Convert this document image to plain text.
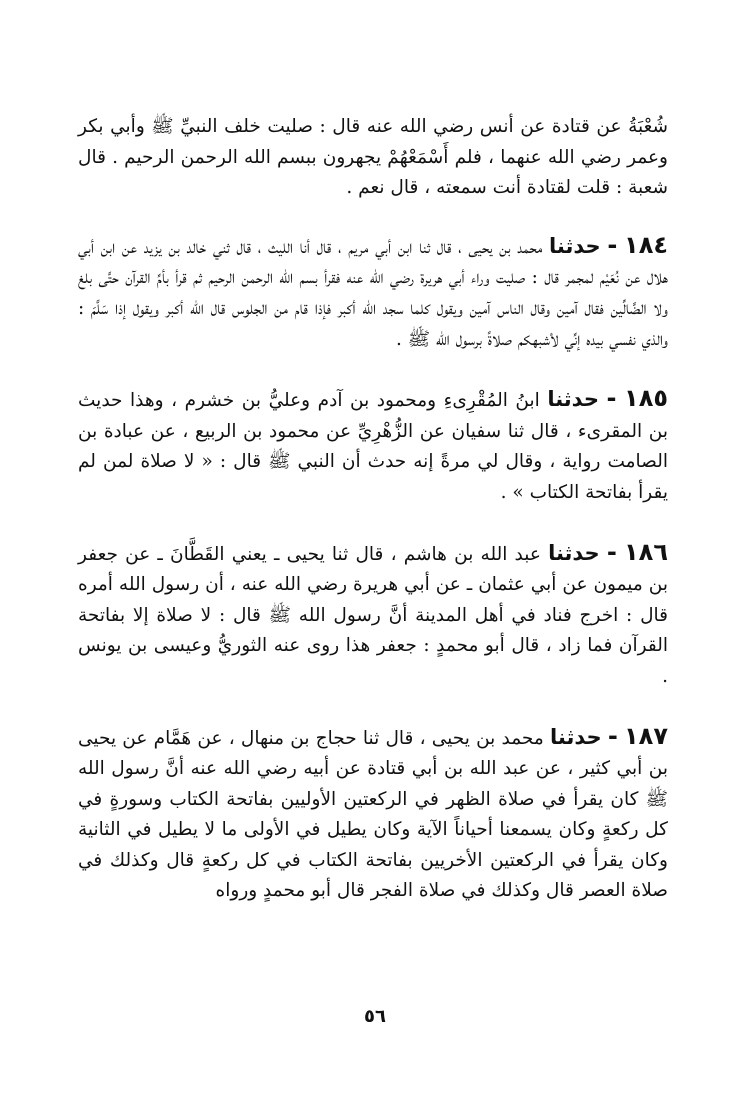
شُعْبَةُ عن قتادة عن أنس رضي الله عنه قال : صليت خلف النبيِّ ﷺ وأبي بكر وعمر رضي الله عنهما ، فلم أَسْمَعْهُمْ يجهرون ببسم الله الرحمن الرحيم . قال شعبة : قلت لقتادة أنت سمعته ، قال نعم .

١٨٤ - حدثنا محمد بن يحيى ، قال ثنا ابن أبي مريم ، قال أنا الليث ، قال ثني خالد بن يزيد عن ابن أبي هلال عن نُعَيْم لمجمر قال : صليت وراء أبي هريرة رضي الله عنه فقرأ بسم الله الرحمن الرحيم ثم قرأ بأمِّ القرآن حتَّى بلغ ولا الضَّالِّين فقال آمين وقال الناس آمين ويقول كلما سجد الله أكبر فإذا قام من الجلوس قال الله أكبر ويقول إذا سَلَّمَ : والذي نفسي بيده إنِّي لأشبهكم صلاةً برسول الله ﷺ .

١٨٥ - حدثنا ابنُ المُقْرِىءِ ومحمود بن آدم وعليُّ بن خشرم ، وهذا حديث بن المقرىء ، قال ثنا سفيان عن الزُّهْرِيِّ عن محمود بن الربيع ، عن عبادة بن الصامت رواية ، وقال لي مرةً إنه حدث أن النبي ﷺ قال : « لا صلاة لمن لم يقرأ بفاتحة الكتاب » .

١٨٦ - حدثنا عبد الله بن هاشم ، قال ثنا يحيى ـ يعني القَطَّانَ ـ عن جعفر بن ميمون عن أبي عثمان ـ عن أبي هريرة رضي الله عنه ، أن رسول الله أمره قال : اخرج فناد في أهل المدينة أنَّ رسول الله ﷺ قال : لا صلاة إلا بفاتحة القرآن فما زاد ، قال أبو محمدٍ : جعفر هذا روى عنه الثوريُّ وعيسى بن يونس .

١٨٧ - حدثنا محمد بن يحيى ، قال ثنا حجاج بن منهال ، عن هَمَّام عن يحيى بن أبي كثير ، عن عبد الله بن أبي قتادة عن أبيه رضي الله عنه أنَّ رسول الله ﷺ كان يقرأ في صلاة الظهر في الركعتين الأوليين بفاتحة الكتاب وسورةٍ في كل ركعةٍ وكان يسمعنا أحياناً الآية وكان يطيل في الأولى ما لا يطيل في الثانية وكان يقرأ في الركعتين الأخريين بفاتحة الكتاب في كل ركعةٍ قال وكذلك في صلاة العصر قال وكذلك في صلاة الفجر قال أبو محمدٍ ورواه

٥٦
